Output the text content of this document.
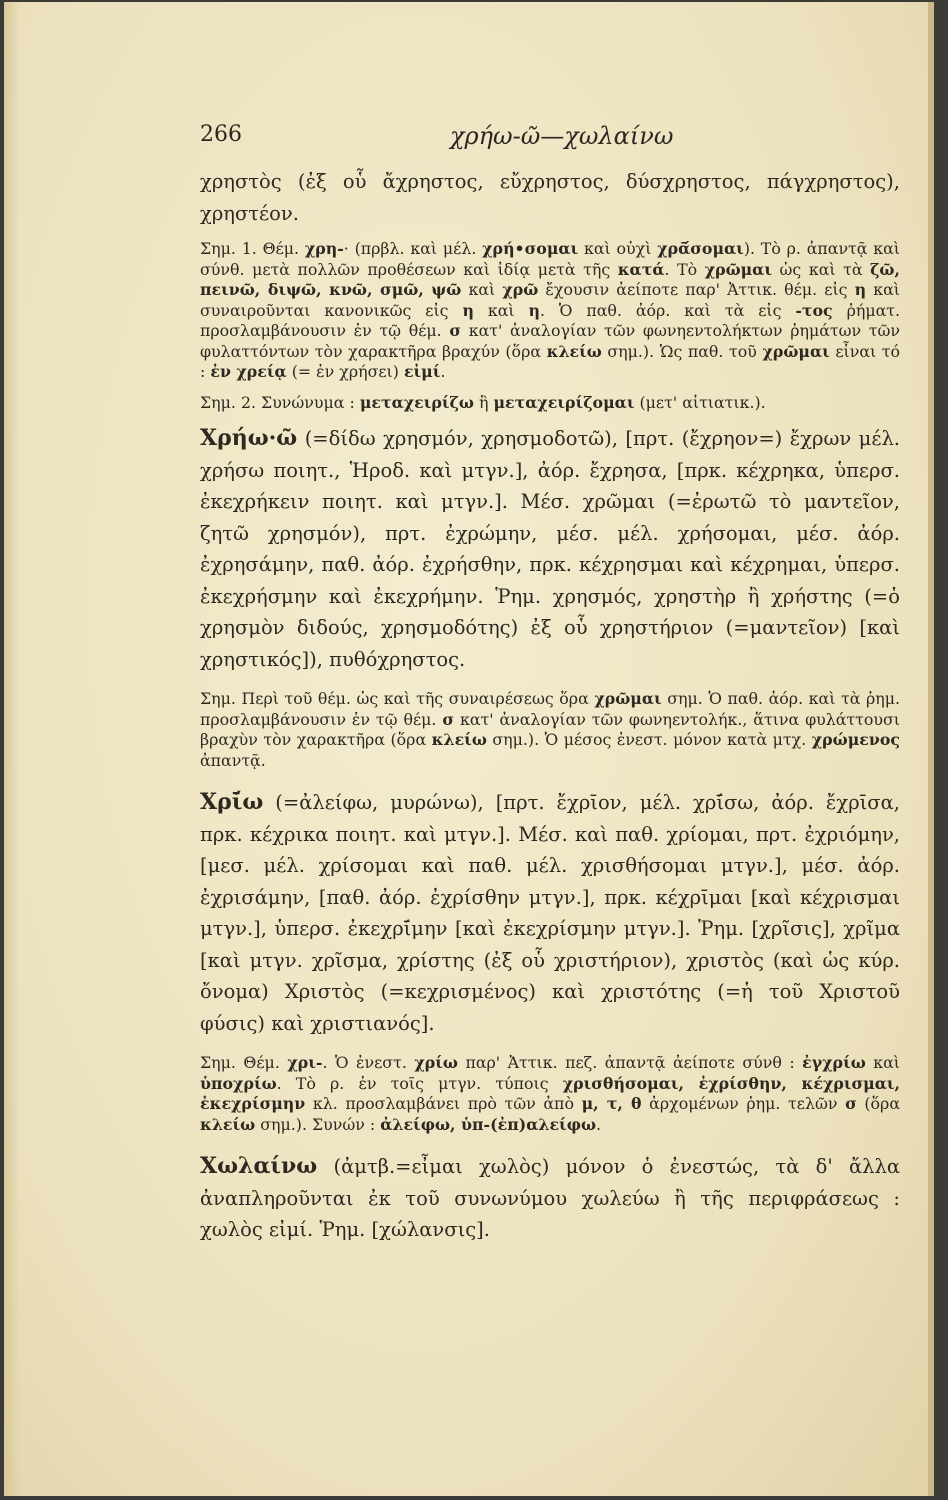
266	χρήω-ῶ—χωλαίνω

χρηστὸς (ἐξ οὗ ἄχρηστος, εὔχρηστος, δύσχρηστος, πάγχρηστος), χρηστέον.

Σημ. 1. Θέμ. χρη-· (πρβλ. καὶ μέλ. χρή•σομαι καὶ οὐχὶ χρᾱ́σομαι). Τὸ ρ. ἀπαντᾷ καὶ σύνθ. μετὰ πολλῶν προθέσεων καὶ ἰδίᾳ μετὰ τῆς κατά. Τὸ χρῶμαι ὡς καὶ τὰ ζῶ, πεινῶ, διψῶ, κνῶ, σμῶ, ψῶ καὶ χρῶ ἔχουσιν ἀείποτε παρ' Ἀττικ. θέμ. εἰς η καὶ συναιροῦνται κανονικῶς εἰς η καὶ η. Ὁ παθ. ἀόρ. καὶ τὰ εἰς -τος ῥήματ. προσλαμβάνουσιν ἐν τῷ θέμ. σ κατ' ἀναλογίαν τῶν φωνηεντολήκτων ῥημάτων τῶν φυλαττόντων τὸν χαρακτῆρα βραχύν (ὅρα κλείω σημ.). Ὡς παθ. τοῦ χρῶμαι εἶναι τό : ἐν χρείᾳ (= ἐν χρήσει) εἰμί.

Σημ. 2. Συνώνυμα : μεταχειρίζω ἢ μεταχειρίζομαι (μετ' αἰτιατικ.).

Χρήω·ῶ (=δίδω χρησμόν, χρησμοδοτῶ), [πρτ. (ἔχρηον=) ἔχρων μέλ. χρήσω ποιητ., Ἡροδ. καὶ μτγν.], ἀόρ. ἔχρησα, [πρκ. κέχρηκα, ὑπερσ. ἐκεχρήκειν ποιητ. καὶ μτγν.]. Μέσ. χρῶμαι (=ἐρωτῶ τὸ μαντεῖον, ζητῶ χρησμόν), πρτ. ἐχρώμην, μέσ. μέλ. χρήσομαι, μέσ. ἀόρ. ἐχρησάμην, παθ. ἀόρ. ἐχρήσθην, πρκ. κέχρησμαι καὶ κέχρημαι, ὑπερσ. ἐκεχρήσμην καὶ ἐκεχρήμην. Ῥημ. χρησμός, χρηστὴρ ἢ χρήστης (=ὁ χρησμὸν διδούς, χρησμοδότης) ἐξ οὗ χρηστήριον (=μαντεῖον) [καὶ χρηστικός]), πυθόχρηστος.

Σημ. Περὶ τοῦ θέμ. ὡς καὶ τῆς συναιρέσεως ὅρα χρῶμαι σημ. Ὁ παθ. ἀόρ. καὶ τὰ ῥημ. προσλαμβάνουσιν ἐν τῷ θέμ. σ κατ' ἀναλογίαν τῶν φωνηεντολήκ., ἅτινα φυλάττουσι βραχὺν τὸν χαρακτῆρα (ὅρα κλείω σημ.). Ὁ μέσος ἐνεστ. μόνον κατὰ μτχ. χρώμενος ἀπαντᾷ.

Χρῑ́ω (=ἀλείφω, μυρώνω), [πρτ. ἔχρῑον, μέλ. χρῑ́σω, ἀόρ. ἔχρῑσα, πρκ. κέχρικα ποιητ. καὶ μτγν.]. Μέσ. καὶ παθ. χρίομαι, πρτ. ἐχριόμην, [μεσ. μέλ. χρίσομαι καὶ παθ. μέλ. χρισθήσομαι μτγν.], μέσ. ἀόρ. ἐχρισάμην, [παθ. ἀόρ. ἐχρίσθην μτγν.], πρκ. κέχρῑμαι [καὶ κέχρισμαι μτγν.], ὑπερσ. ἐκεχρῑ́μην [καὶ ἐκεχρίσμην μτγν.]. Ῥημ. [χρῖσις], χρῖμα [καὶ μτγν. χρῖσμα, χρίστης (ἐξ οὗ χριστήριον), χριστὸς (καὶ ὡς κύρ. ὄνομα) Χριστὸς (=κεχρισμένος) καὶ χριστότης (=ἡ τοῦ Χριστοῦ φύσις) καὶ χριστιανός].

Σημ. Θέμ. χρι-. Ὁ ἐνεστ. χρίω παρ' Ἀττικ. πεζ. ἀπαντᾷ ἀείποτε σύνθ : ἐγχρίω καὶ ὑποχρίω. Τὸ ρ. ἐν τοῖς μτγν. τύποις χρισθήσομαι, ἐχρίσθην, κέχρισμαι, ἐκεχρίσμην κλ. προσλαμβάνει πρὸ τῶν ἀπὸ μ, τ, θ ἀρχομένων ῥημ. τελῶν σ (ὅρα κλείω σημ.). Συνών : ἀλείφω, ὑπ-(ἐπ)αλείφω.

Χωλαίνω (ἀμτβ.=εἶμαι χωλὸς) μόνον ὁ ἐνεστώς, τὰ δ' ἄλλα ἀναπληροῦνται ἐκ τοῦ συνωνύμου χωλεύω ἢ τῆς περιφράσεως : χωλὸς εἰμί. Ῥημ. [χώλανσις].
